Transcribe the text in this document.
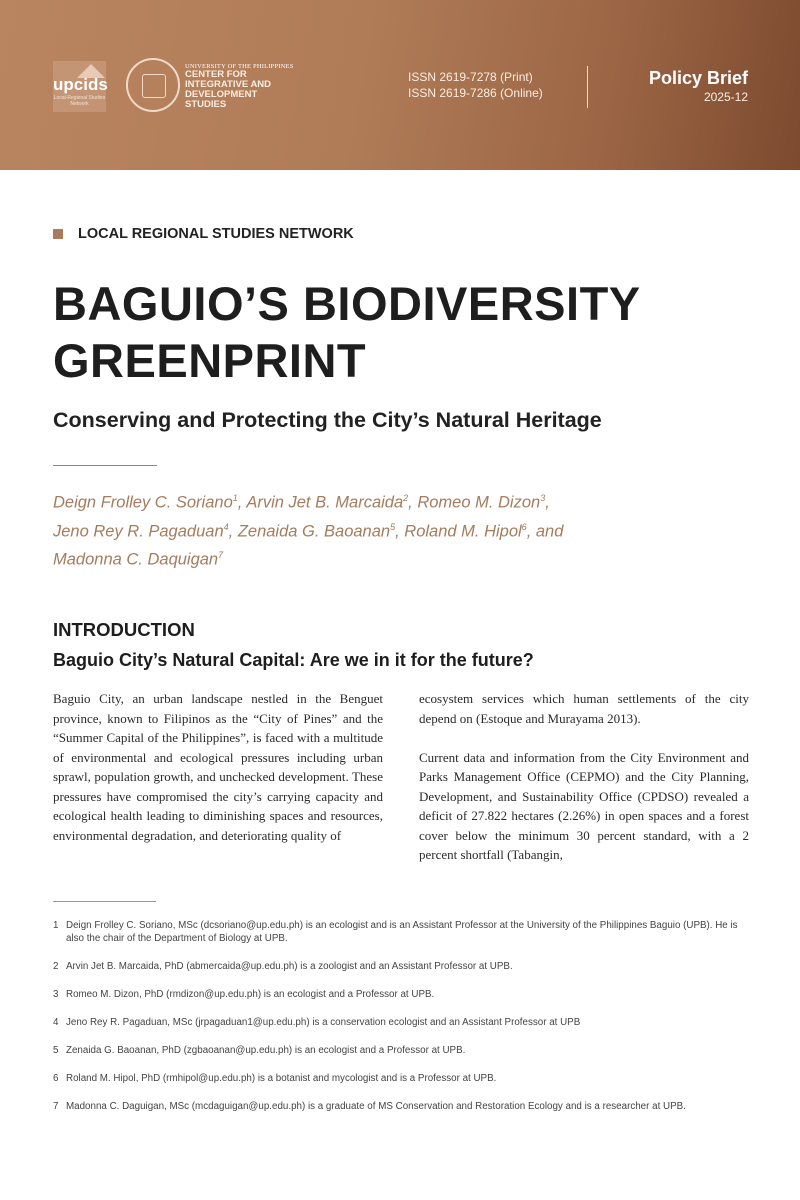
upcids
Local-Regional Studies Network
UNIVERSITY OF THE PHILIPPINES
CENTER FOR
INTEGRATIVE AND
DEVELOPMENT
STUDIES
ISSN 2619-7278 (Print)
ISSN 2619-7286 (Online)
Policy Brief
2025-12
LOCAL REGIONAL STUDIES NETWORK
BAGUIO’S BIODIVERSITY
GREENPRINT
Conserving and Protecting the City’s Natural Heritage
Deign Frolley C. Soriano$^1$, Arvin Jet B. Marcaida$^2$, Romeo M. Dizon$^3$,
Jeno Rey R. Pagaduan$^4$, Zenaida G. Baoanan$^5$, Roland M. Hipol$^6$, and
Madonna C. Daquigan$^7$
INTRODUCTION
Baguio City’s Natural Capital: Are we in it for the future?

Baguio City, an urban landscape nestled in the Benguet province, known to Filipinos as the “City of Pines” and the “Summer Capital of the Philippines”, is faced with a multitude of environmental and ecological pressures including urban sprawl, population growth, and unchecked development. These pressures have compromised the city’s carrying capacity and ecological health leading to diminishing spaces and resources, environmental degradation, and deteriorating quality of

ecosystem services which human settlements of the city depend on (Estoque and Murayama 2013).

Current data and information from the City Environment and Parks Management Office (CEPMO) and the City Planning, Development, and Sustainability Office (CPDSO) revealed a deficit of 27.822 hectares (2.26%) in open spaces and a forest cover below the minimum 30 percent standard, with a 2 percent shortfall (Tabangin,

1 Deign Frolley C. Soriano, MSc (dcsoriano@up.edu.ph) is an ecologist and is an Assistant Professor at the University of the Philippines Baguio (UPB). He is also the chair of the Department of Biology at UPB.
2 Arvin Jet B. Marcaida, PhD (abmercaida@up.edu.ph) is a zoologist and an Assistant Professor at UPB.
3 Romeo M. Dizon, PhD (rmdizon@up.edu.ph) is an ecologist and a Professor at UPB.
4 Jeno Rey R. Pagaduan, MSc (jrpagaduan1@up.edu.ph) is a conservation ecologist and an Assistant Professor at UPB
5 Zenaida G. Baoanan, PhD (zgbaoanan@up.edu.ph) is an ecologist and a Professor at UPB.
6 Roland M. Hipol, PhD (rmhipol@up.edu.ph) is a botanist and mycologist and is a Professor at UPB.
7 Madonna C. Daguigan, MSc (mcdaguigan@up.edu.ph) is a graduate of MS Conservation and Restoration Ecology and is a researcher at UPB.
